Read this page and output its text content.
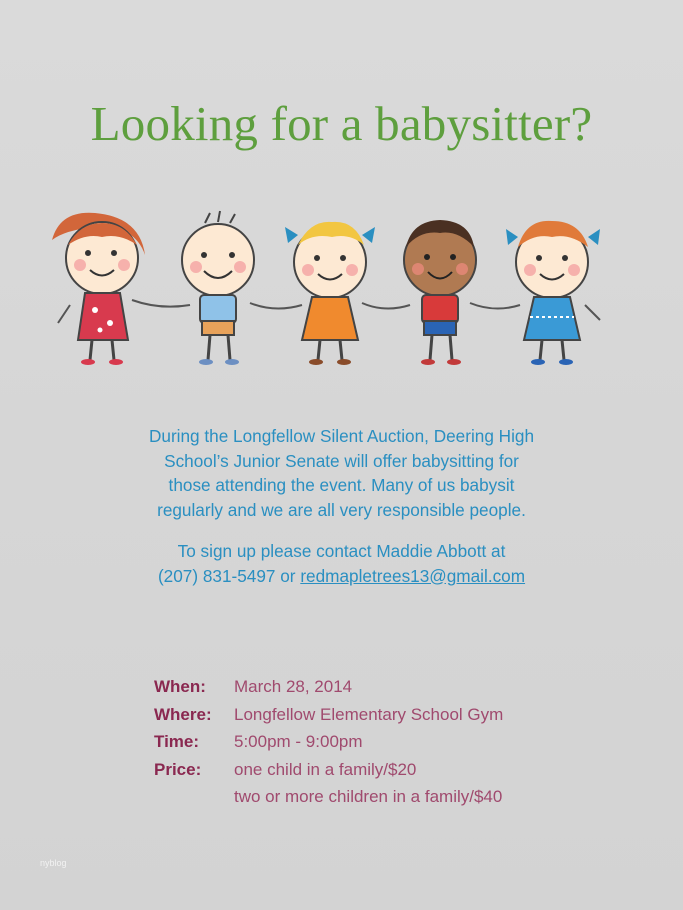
Looking for a babysitter?

During the Longfellow Silent Auction, Deering High

School’s Junior Senate will offer babysitting for

those attending the event. Many of us babysit

regularly and we are all very responsible people.

To sign up please contact Maddie Abbott at

(207) 831-5497 or redmapletrees13@gmail.com

When:	March 28, 2014
Where:	Longfellow Elementary School Gym
Time:	5:00pm - 9:00pm
Price:	one child in a family/$20
two or more children in a family/$40
nyblog
